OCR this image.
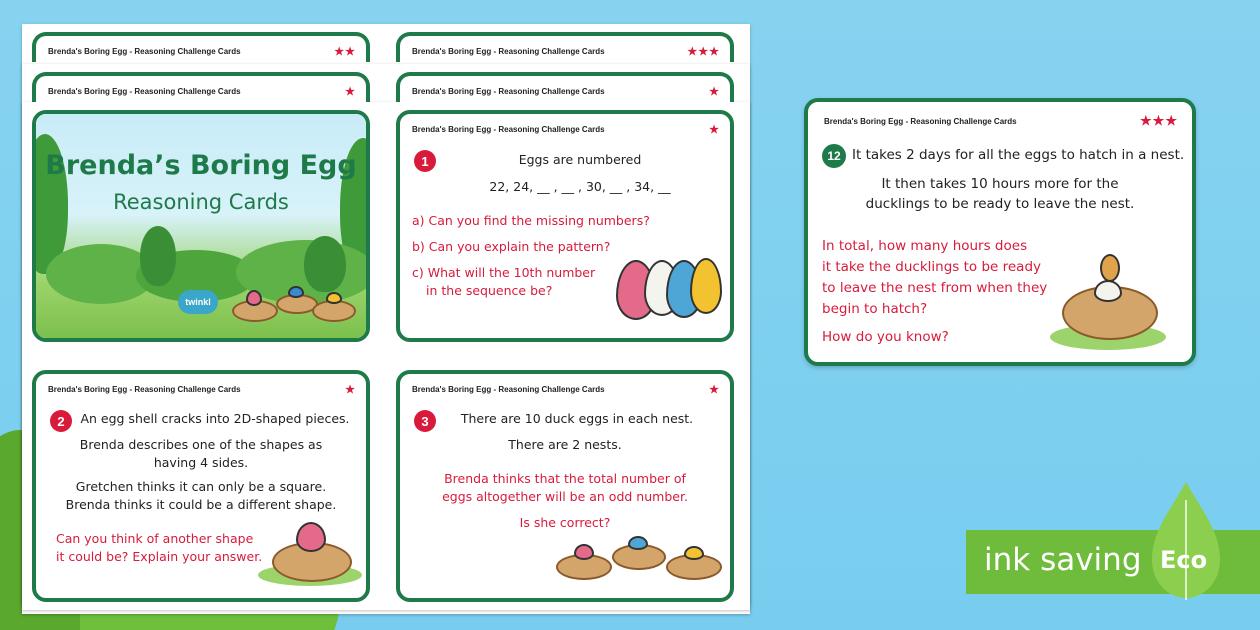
Brenda's Boring Egg - Reasoning Challenge Cards	★★	Brenda's Boring Egg - Reasoning Challenge Cards	★★★
Brenda's Boring Egg - Reasoning Challenge Cards	★	Brenda's Boring Egg - Reasoning Challenge Cards	★
Brenda’s Boring Egg
Reasoning Cards
twinkl
Brenda's Boring Egg - Reasoning Challenge Cards	★
1	Eggs are numbered
22, 24, __ , __ , 30, __ , 34, __
a) Can you find the missing numbers?
b) Can you explain the pattern?
c) What will the 10th number
in the sequence be?
Brenda's Boring Egg - Reasoning Challenge Cards	★
2	An egg shell cracks into 2D-shaped pieces.
Brenda describes one of the shapes as
having 4 sides.
Gretchen thinks it can only be a square.
Brenda thinks it could be a different shape.
Can you think of another shape
it could be? Explain your answer.
Brenda's Boring Egg - Reasoning Challenge Cards	★
3	There are 10 duck eggs in each nest.
There are 2 nests.
Brenda thinks that the total number of
eggs altogether will be an odd number.
Is she correct?
Brenda's Boring Egg - Reasoning Challenge Cards	★★★
12 It takes 2 days for all the eggs to hatch in a nest.
It then takes 10 hours more for the
ducklings to be ready to leave the nest.
In total, how many hours does
it take the ducklings to be ready
to leave the nest from when they
begin to hatch?
How do you know?
ink saving Eco
